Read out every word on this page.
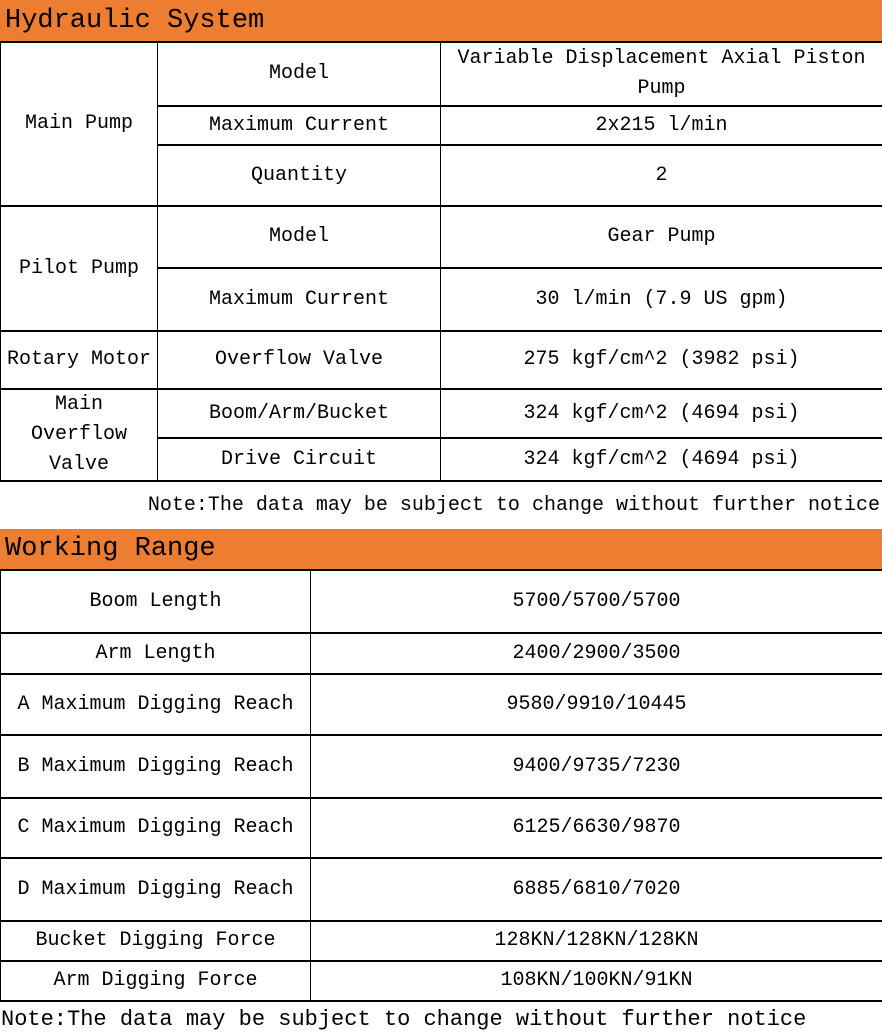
Hydraulic System
Main Pump	Model	Variable Displacement Axial Piston Pump
	Maximum Current	2x215 l/min
	Quantity	2
Pilot Pump	Model	Gear Pump
	Maximum Current	30 l/min (7.9 US gpm)
Rotary Motor	Overflow Valve	275 kgf/cm^2 (3982 psi)
Main Overflow Valve	Boom/Arm/Bucket	324 kgf/cm^2 (4694 psi)
	Drive Circuit	324 kgf/cm^2 (4694 psi)
Note:The data may be subject to change without further notice
Working Range
Boom Length	5700/5700/5700
Arm Length	2400/2900/3500
A Maximum Digging Reach	9580/9910/10445
B Maximum Digging Reach	9400/9735/7230
C Maximum Digging Reach	6125/6630/9870
D Maximum Digging Reach	6885/6810/7020
Bucket Digging Force	128KN/128KN/128KN
Arm Digging Force	108KN/100KN/91KN
Note:The data may be subject to change without further notice
